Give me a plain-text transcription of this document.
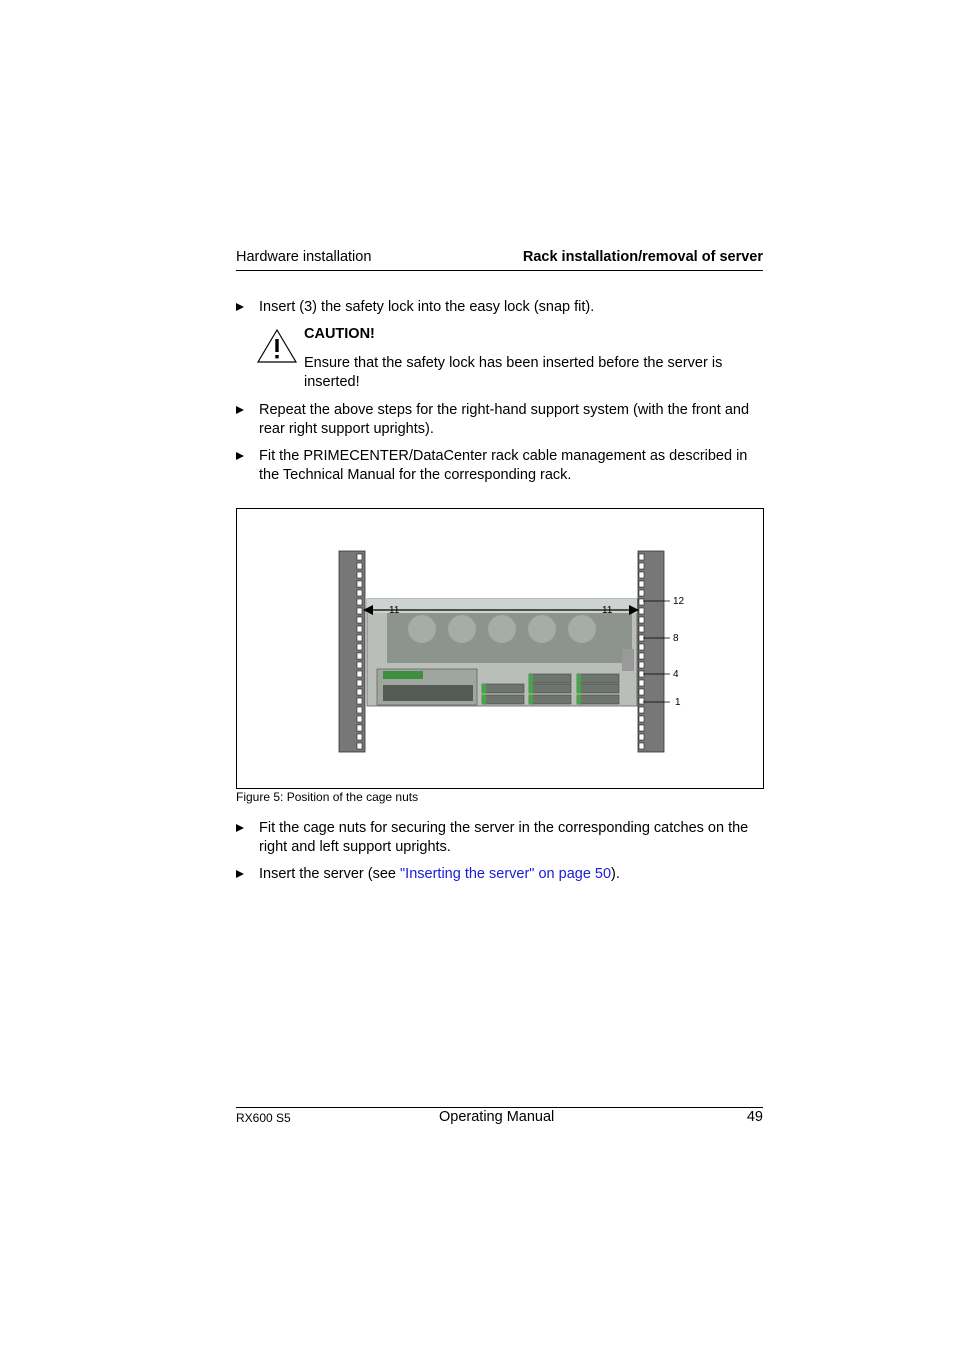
Hardware installation	Rack installation/removal of server
Insert (3) the safety lock into the easy lock (snap fit).
CAUTION!
Ensure that the safety lock has been inserted before the server is inserted!
Repeat the above steps for the right-hand support system (with the front and rear right support uprights).
Fit the PRIMECENTER/DataCenter rack cable management as described in the Technical Manual for the corresponding rack.
11	11
12
8
4
1
Figure 5: Position of the cage nuts
Fit the cage nuts for securing the server in the corresponding catches on the right and left support uprights.
Insert the server (see "Inserting the server" on page 50).
RX600 S5	Operating Manual	49
